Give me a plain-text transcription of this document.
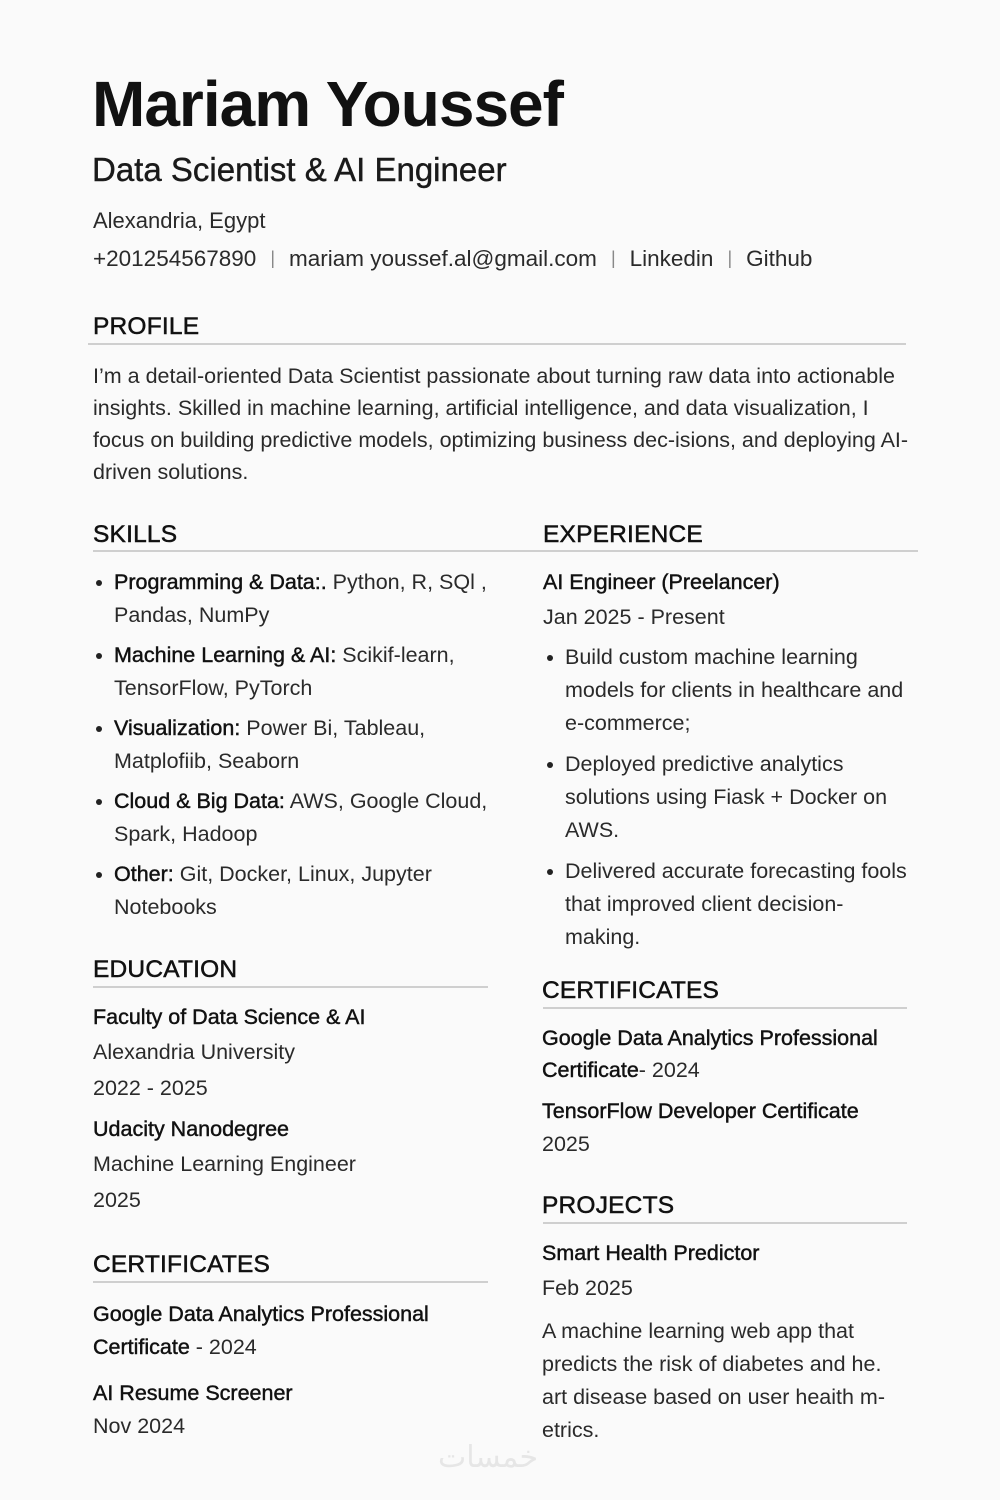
Mariam Youssef
Data Scientist & AI Engineer
Alexandria, Egypt
+201254567890 | mariam youssef.al@gmail.com | Linkedin | Github
PROFILE
I’m a detail-oriented Data Scientist passionate about turning raw data into actionable insights. Skilled in machine learning, artificial intelligence, and data visualization, I focus on building predictive models, optimizing business dec-isions, and deploying AI-driven solutions.
SKILLS	EXPERIENCE
Programming & Data:. Python, R, SQl , Pandas, NumPy
Machine Learning & AI: Scikif-learn, TensorFlow, PyTorch
Visualization: Power Bi, Tableau, Matplofiib, Seaborn
Cloud & Big Data: AWS, Google Cloud, Spark, Hadoop
Other: Git, Docker, Linux, Jupyter Notebooks
AI Engineer (Preelancer)
Jan 2025 - Present
Build custom machine learning models for clients in healthcare and e-commerce;
Deployed predictive analytics solutions using Fiask + Docker on AWS.
Delivered accurate forecasting fools that improved client decision-making.
EDUCATION
Faculty of Data Science & AI
Alexandria University
2022 - 2025
Udacity Nanodegree
Machine Learning Engineer
2025
CERTIFICATES
Google Data Analytics Professional
Certificate - 2024
AI Resume Screener
Nov 2024
CERTIFICATES
Google Data Analytics Professional
Certificate- 2024
TensorFlow Developer Certificate
2025
PROJECTS
Smart Health Predictor
Feb 2025
A machine learning web app that predicts the risk of diabetes and he. art disease based on user heaith m-etrics.
خمسات
